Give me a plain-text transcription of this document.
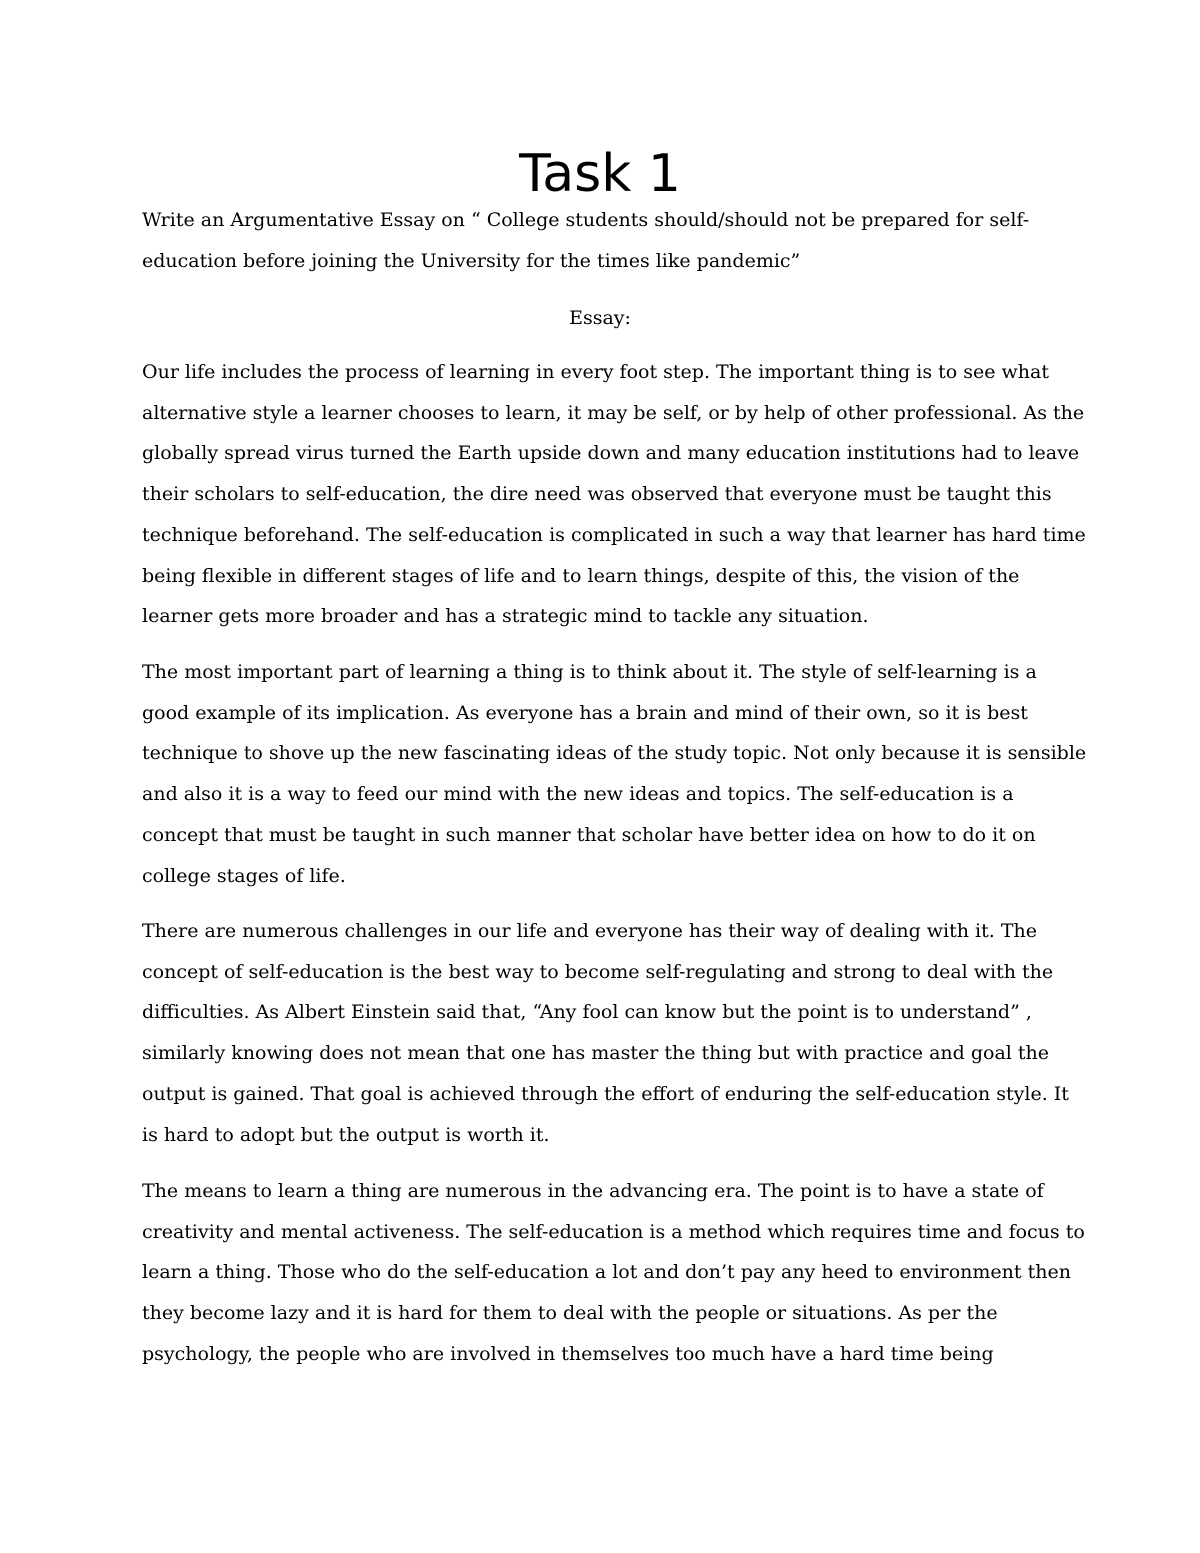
Task 1

Write an Argumentative Essay on “ College students should/should not be prepared for self-
education before joining the University for the times like pandemic”

Essay:

Our life includes the process of learning in every foot step. The important thing is to see what
alternative style a learner chooses to learn, it may be self, or by help of other professional. As the
globally spread virus turned the Earth upside down and many education institutions had to leave
their scholars to self-education, the dire need was observed that everyone must be taught this
technique beforehand. The self-education is complicated in such a way that learner has hard time
being flexible in different stages of life and to learn things, despite of this, the vision of the
learner gets more broader and has a strategic mind to tackle any situation.

The most important part of learning a thing is to think about it. The style of self-learning is a
good example of its implication. As everyone has a brain and mind of their own, so it is best
technique to shove up the new fascinating ideas of the study topic. Not only because it is sensible
and also it is a way to feed our mind with the new ideas and topics. The self-education is a
concept that must be taught in such manner that scholar have better idea on how to do it on
college stages of life.

There are numerous challenges in our life and everyone has their way of dealing with it. The
concept of self-education is the best way to become self-regulating and strong to deal with the
difficulties. As Albert Einstein said that, “Any fool can know but the point is to understand” ,
similarly knowing does not mean that one has master the thing but with practice and goal the
output is gained. That goal is achieved through the effort of enduring the self-education style. It
is hard to adopt but the output is worth it.

The means to learn a thing are numerous in the advancing era. The point is to have a state of
creativity and mental activeness. The self-education is a method which requires time and focus to
learn a thing. Those who do the self-education a lot and don’t pay any heed to environment then
they become lazy and it is hard for them to deal with the people or situations. As per the
psychology, the people who are involved in themselves too much have a hard time being
